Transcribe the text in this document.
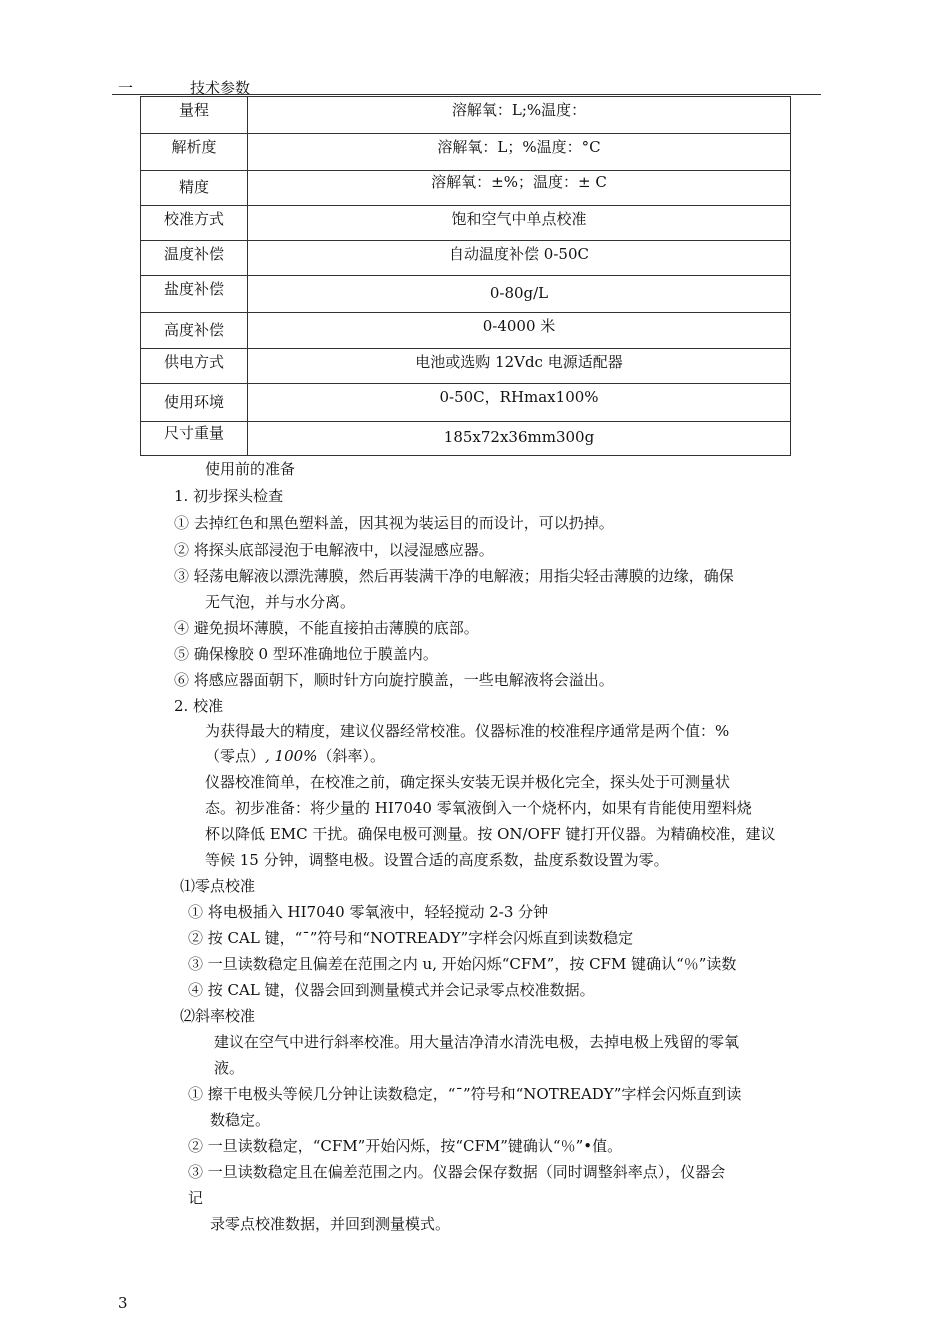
一	技术参数
量程	溶解氧：L;%温度：
解析度	溶解氧：L；%温度：°C
精度	溶解氧：±%；温度：± C
校准方式	饱和空气中单点校准
温度补偿	自动温度补偿 0-50C
盐度补偿	0-80g/L
高度补偿	0-4000 米
供电方式	电池或选购 12Vdc 电源适配器
使用环境	0-50C，RHmax100%
尺寸重量	185x72x36mm300g
使用前的准备
1. 初步探头检查
① 去掉红色和黑色塑料盖，因其视为装运目的而设计，可以扔掉。
② 将探头底部浸泡于电解液中，以浸湿感应器。
③ 轻荡电解液以漂洗薄膜，然后再装满干净的电解液；用指尖轻击薄膜的边缘，确保
无气泡，并与水分离。
④ 避免损坏薄膜，不能直接拍击薄膜的底部。
⑤ 确保橡胶 0 型环准确地位于膜盖内。
⑥ 将感应器面朝下，顺时针方向旋拧膜盖，一些电解液将会溢出。
2. 校准
为获得最大的精度，建议仪器经常校准。仪器标准的校准程序通常是两个值：%
（零点）, 100%（斜率）。
仪器校准简单，在校准之前，确定探头安装无误并极化完全，探头处于可测量状
态。初步准备：将少量的 HI7040 零氧液倒入一个烧杯内，如果有肯能使用塑料烧
杯以降低 EMC 干扰。确保电极可测量。按 ON/OFF 键打开仪器。为精确校准，建议
等候 15 分钟，调整电极。设置合适的高度系数，盐度系数设置为零。
⑴零点校准
① 将电极插入 HI7040 零氧液中，轻轻搅动 2-3 分钟
② 按 CAL 键，“ˉ”符号和“NOTREADY”字样会闪烁直到读数稳定
③ 一旦读数稳定且偏差在范围之内 u, 开始闪烁“CFM”，按 CFM 键确认“％”读数
④ 按 CAL 键，仪器会回到测量模式并会记录零点校准数据。
⑵斜率校准
建议在空气中进行斜率校准。用大量洁净清水清洗电极，去掉电极上残留的零氧
液。
① 擦干电极头等候几分钟让读数稳定，“ˉ”符号和“NOTREADY”字样会闪烁直到读
数稳定。
② 一旦读数稳定，“CFM”开始闪烁，按“CFM”键确认“％”•值。
③ 一旦读数稳定且在偏差范围之内。仪器会保存数据（同时调整斜率点），仪器会
记
录零点校准数据，并回到测量模式。
3
